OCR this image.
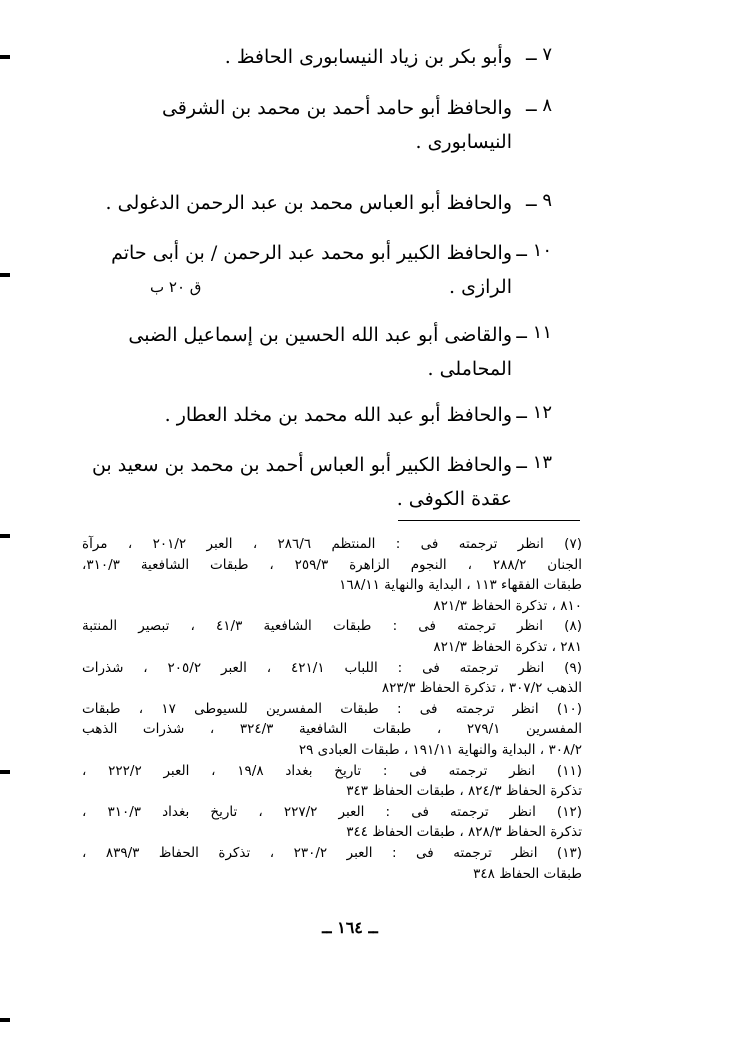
٧ ــ
وأبو بكر بن زياد النيسابورى الحافظ .
٨ ــ
والحافظ أبو حامد أحمد بن محمد بن الشرقى
النيسابورى .
٩ ــ
والحافظ أبو العباس محمد بن عبد الرحمن الدغولى .
١٠ ــ
والحافظ الكبير أبو محمد عبد الرحمن / بن أبى حاتم
الرازى .
ق ٢٠ ب
١١ ــ
والقاضى أبو عبد الله الحسين بن إسماعيل الضبى
المحاملى .
١٢ ــ
والحافظ أبو عبد الله محمد بن مخلد العطار .
١٣ ــ
والحافظ الكبير أبو العباس أحمد بن محمد بن سعيد بن
عقدة الكوفى .
(٧) انظر ترجمته فى : المنتظم ٢٨٦/٦ ، العبر ٢٠١/٢ ، مرآة
الجنان ٢٨٨/٢ ، النجوم الزاهرة ٢٥٩/٣ ، طبقات الشافعية ٣١٠/٣،
طبقات الفقهاء ١١٣ ، البداية والنهاية ١٦٨/١١
٨١٠ ، تذكرة الحفاظ ٨٢١/٣
(٨) انظر ترجمته فى : طبقات الشافعية ٤١/٣ ، تبصير المنتبة
٢٨١ ، تذكرة الحفاظ ٨٢١/٣
(٩) انظر ترجمته فى : اللباب ٤٢١/١ ، العبر ٢٠٥/٢ ، شذرات
الذهب ٣٠٧/٢ ، تذكرة الحفاظ ٨٢٣/٣
(١٠) انظر ترجمته فى : طبقات المفسرين للسيوطى ١٧ ، طبقات
المفسرين ٢٧٩/١ ، طبقات الشافعية ٣٢٤/٣ ، شذرات الذهب
٣٠٨/٢ ، البداية والنهاية ١٩١/١١ ، طبقات العبادى ٢٩
(١١) انظر ترجمته فى : تاريخ بغداد ١٩/٨ ، العبر ٢٢٢/٢ ،
تذكرة الحفاظ ٨٢٤/٣ ، طبقات الحفاظ ٣٤٣
(١٢) انظر ترجمته فى : العبر ٢٢٧/٢ ، تاريخ بغداد ٣١٠/٣ ،
تذكرة الحفاظ ٨٢٨/٣ ، طبقات الحفاظ ٣٤٤
(١٣) انظر ترجمته فى : العبر ٢٣٠/٢ ، تذكرة الحفاظ ٨٣٩/٣ ،
طبقات الحفاظ ٣٤٨
ــ ١٦٤ ــ
